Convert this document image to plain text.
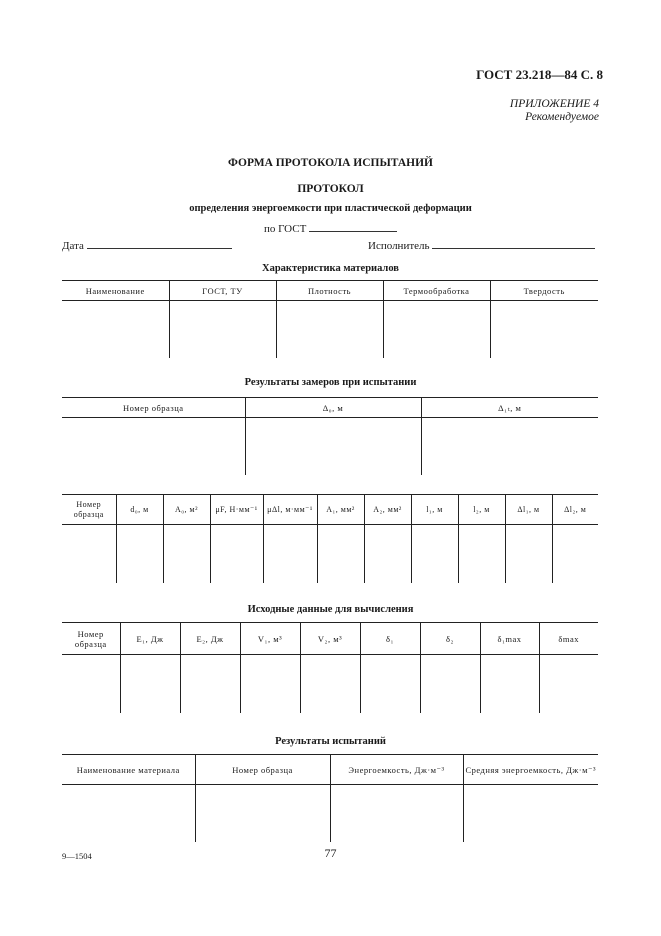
ГОСТ 23.218—84 С. 8
ПРИЛОЖЕНИЕ 4
Рекомендуемое
ФОРМА ПРОТОКОЛА ИСПЫТАНИЙ
ПРОТОКОЛ
определения энергоемкости при пластической деформации
по ГОСТ
Дата	Исполнитель
Характеристика материалов
Наименование	ГОСТ, ТУ	Плотность	Термообработка	Твердость

Результаты замеров при испытании
Номер образца	Δ₀, м	Δ₁ₜ, м

Номер образца	d₀, м	A₀, м²	μF, Н·мм⁻¹	μΔl, м·мм⁻¹	A₁, мм²	A₂, мм²	l₁, м	l₂, м	Δl₁, м	Δl₂, м

Исходные данные для вычисления
Номер образца	E₁, Дж	E₂, Дж	V₁, м³	V₂, м³	δ₁	δ₂	δ₁max	δmax

Результаты испытаний
Наименование материала	Номер образца	Энергоемкость, Дж·м⁻³	Средняя энергоемкость, Дж·м⁻³

9—1504	77
